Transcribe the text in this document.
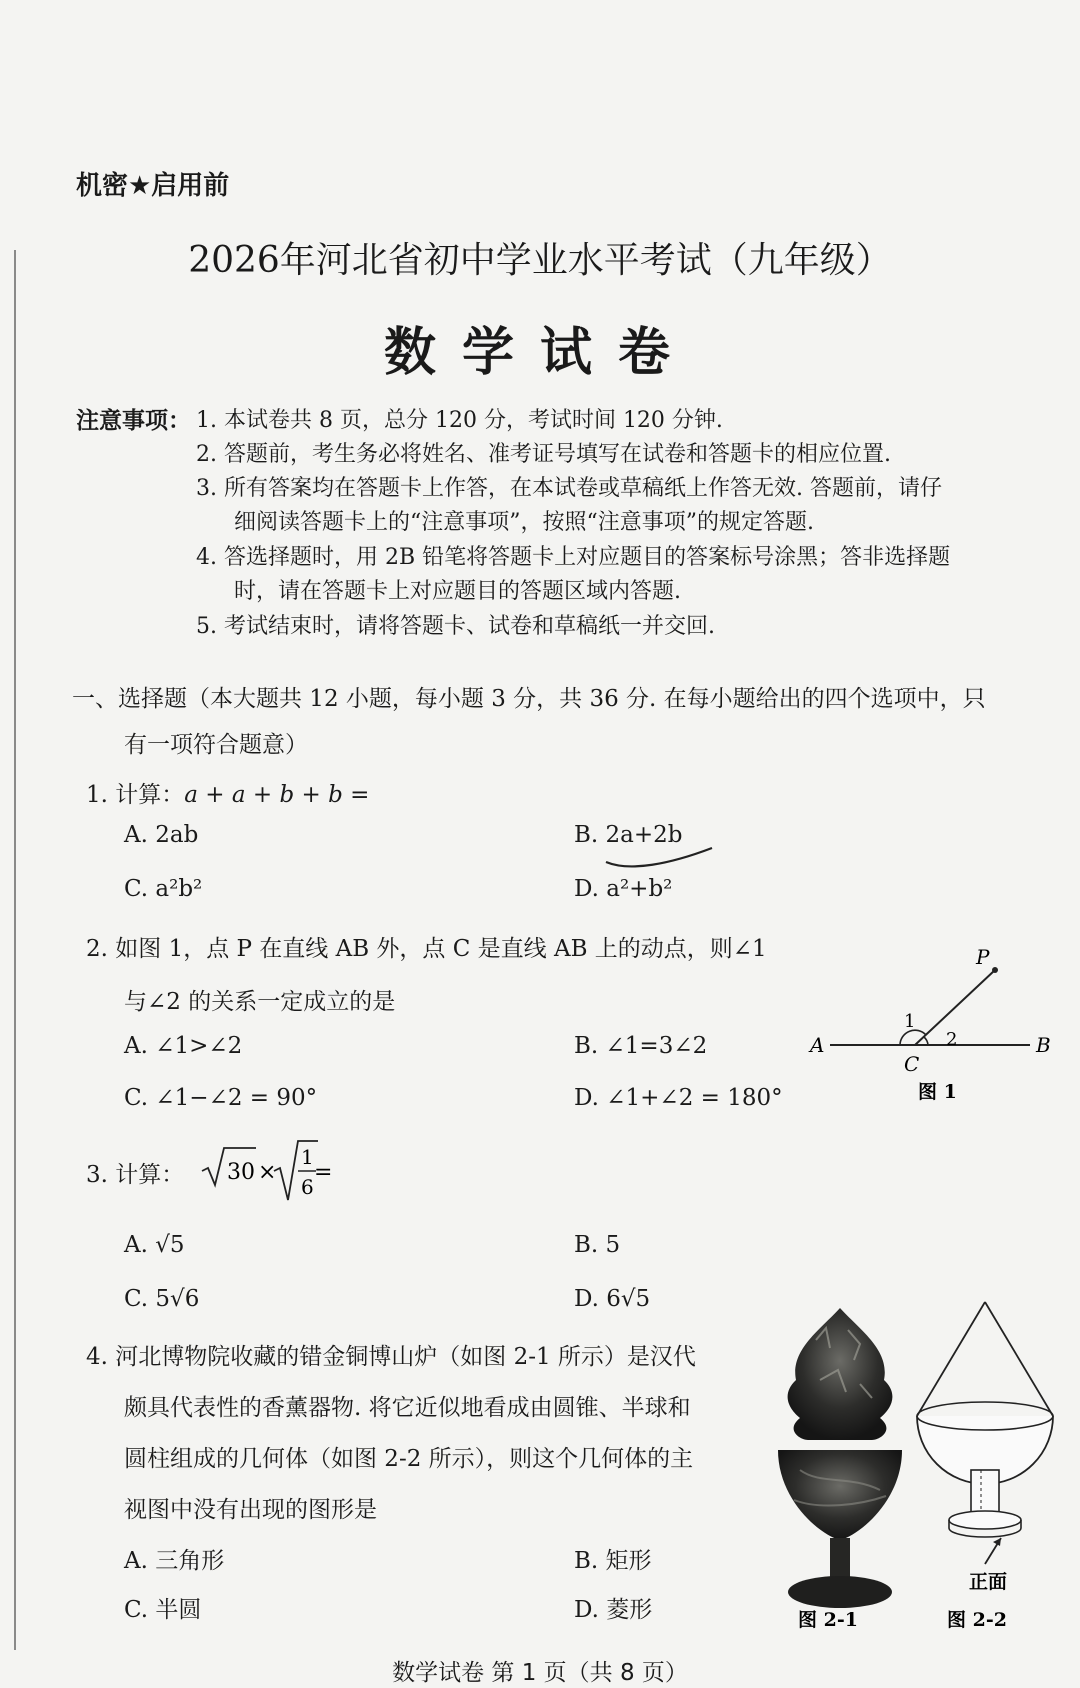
机密★启用前
2026年河北省初中学业水平考试（九年级）
数学试卷
注意事项： 1. 本试卷共 8 页，总分 120 分，考试时间 120 分钟.
2. 答题前，考生务必将姓名、准考证号填写在试卷和答题卡的相应位置.
3. 所有答案均在答题卡上作答，在本试卷或草稿纸上作答无效. 答题前，请仔
细阅读答题卡上的“注意事项”，按照“注意事项”的规定答题.
4. 答选择题时，用 2B 铅笔将答题卡上对应题目的答案标号涂黑；答非选择题
时，请在答题卡上对应题目的答题区域内答题.
5. 考试结束时，请将答题卡、试卷和草稿纸一并交回.
一、选择题（本大题共 12 小题，每小题 3 分，共 36 分. 在每小题给出的四个选项中，只
有一项符合题意）
1. 计算：a + a + b + b =
A. 2ab	B. 2a+2b
C. a²b²	D. a²+b²
2. 如图 1，点 P 在直线 AB 外，点 C 是直线 AB 上的动点，则∠1
与∠2 的关系一定成立的是
A. ∠1>∠2	B. ∠1=3∠2
C. ∠1−∠2 = 90°	D. ∠1+∠2 = 180°
P
A	B
C
1
2
图 1
3. 计算： 30 ×
1
6
=
A. √5	B. 5
C. 5√6	D. 6√5
4. 河北博物院收藏的错金铜博山炉（如图 2-1 所示）是汉代
颇具代表性的香薰器物. 将它近似地看成由圆锥、半球和
圆柱组成的几何体（如图 2-2 所示），则这个几何体的主
视图中没有出现的图形是
A. 三角形	B. 矩形
C. 半圆	D. 菱形	图 2-1
正面
图 2-2
数学试卷 第 1 页（共 8 页）
